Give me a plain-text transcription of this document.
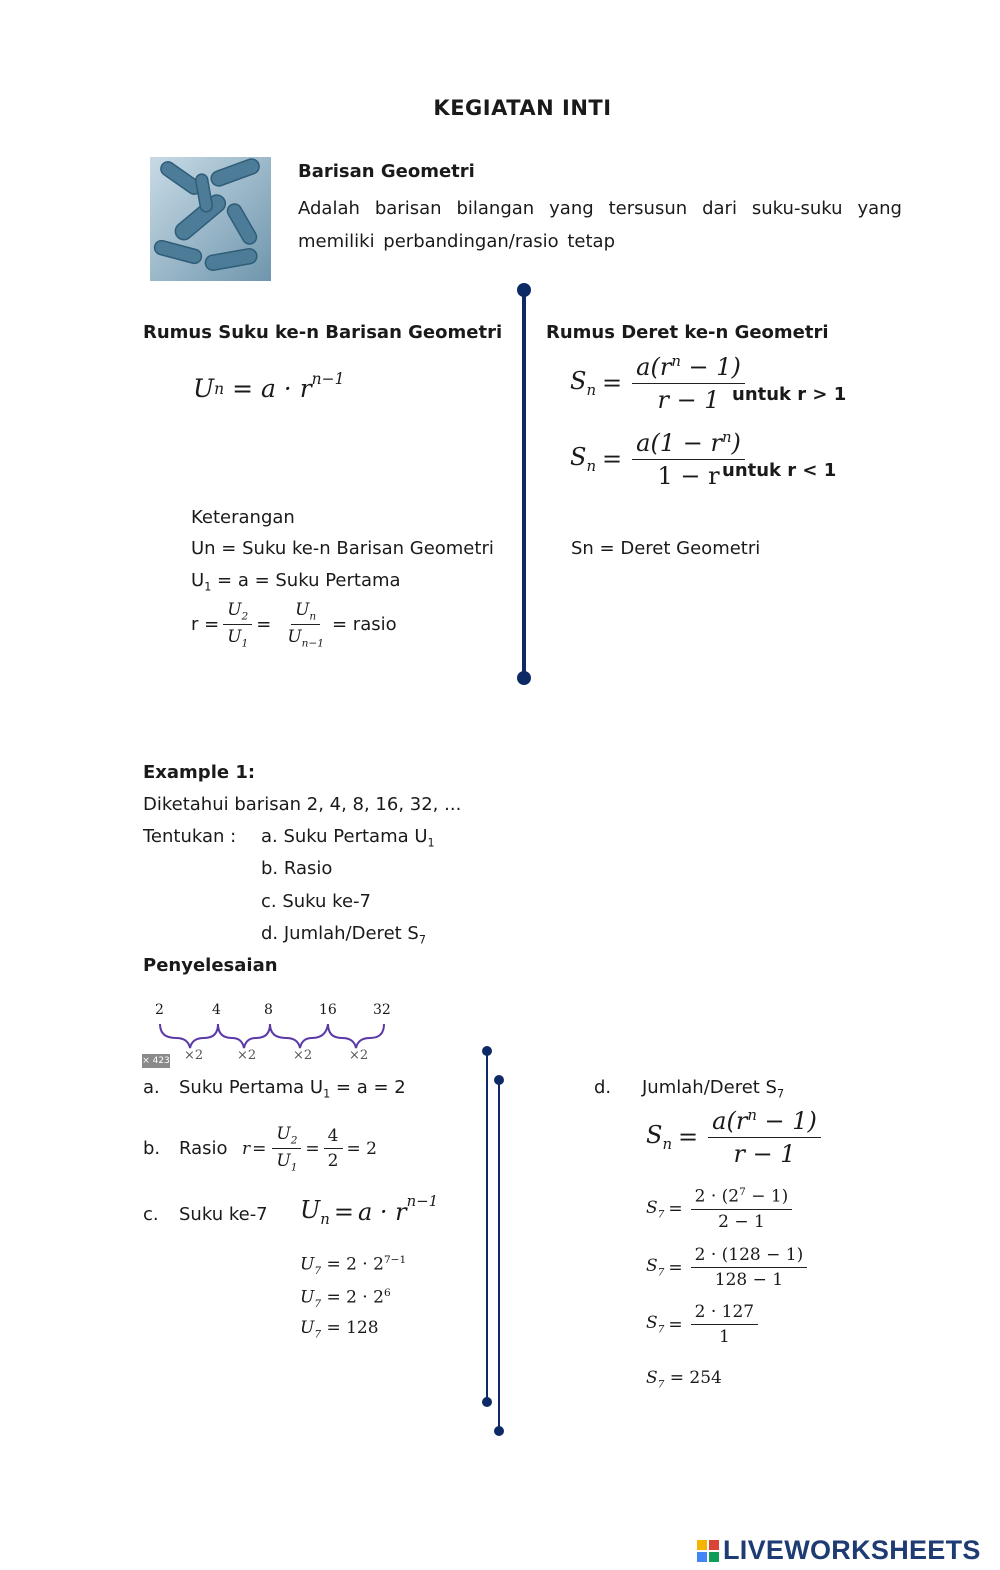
KEGIATAN INTI
Barisan Geometri
Adalah barisan bilangan yang tersusun dari suku-suku yang memiliki perbandingan/rasio tetap
Rumus Suku ke-n Barisan Geometri
U $n = a \cdot r^{n-1}$
Rumus Deret ke-n Geometri
$S_n = \frac{a(r^n - 1)}{r - 1}$
untuk r > 1
$S_n = \frac{a(1 - r^n)}{1 - r}$
untuk r < 1
Sn = Deret Geometri
Keterangan
Un = Suku ke-n Barisan Geometri
$U_1 = a$ = Suku Pertama
$r = \frac{U_2}{U_1} = \frac{U_n}{U_{n-1}}$ = rasio
Example 1:
Diketahui barisan 2, 4, 8, 16, 32, ...
Tentukan : a. Suku Pertama $U_1$
b. Rasio
c. Suku ke-7
d. Jumlah/Deret $S_7$
Penyelesaian
2	4	8	16	32
× 423 ×2	×2	×2	×2
a. Suku Pertama $U_1 = a = 2$
b. Rasio $r = \frac{U_2}{U_1} = \frac{4}{2} = 2$
c. Suku ke-7 $U_n = a \cdot r^{n-1}$
$U_7 = 2 \cdot 2^{7-1}$
$U_7 = 2 \cdot 2^6$
$U_7 = 128$
d. Jumlah/Deret $S_7$
$S_n = \frac{a(r^n - 1)}{r - 1}$
$S_7 = \frac{2 \cdot (2^7 - 1)}{2 - 1}$
$S_7 = \frac{2 \cdot (128 - 1)}{128 - 1}$
$S_7 = \frac{2 \cdot 127}{1}$
$S_7 = 254$
LIVEWORKSHEETS
